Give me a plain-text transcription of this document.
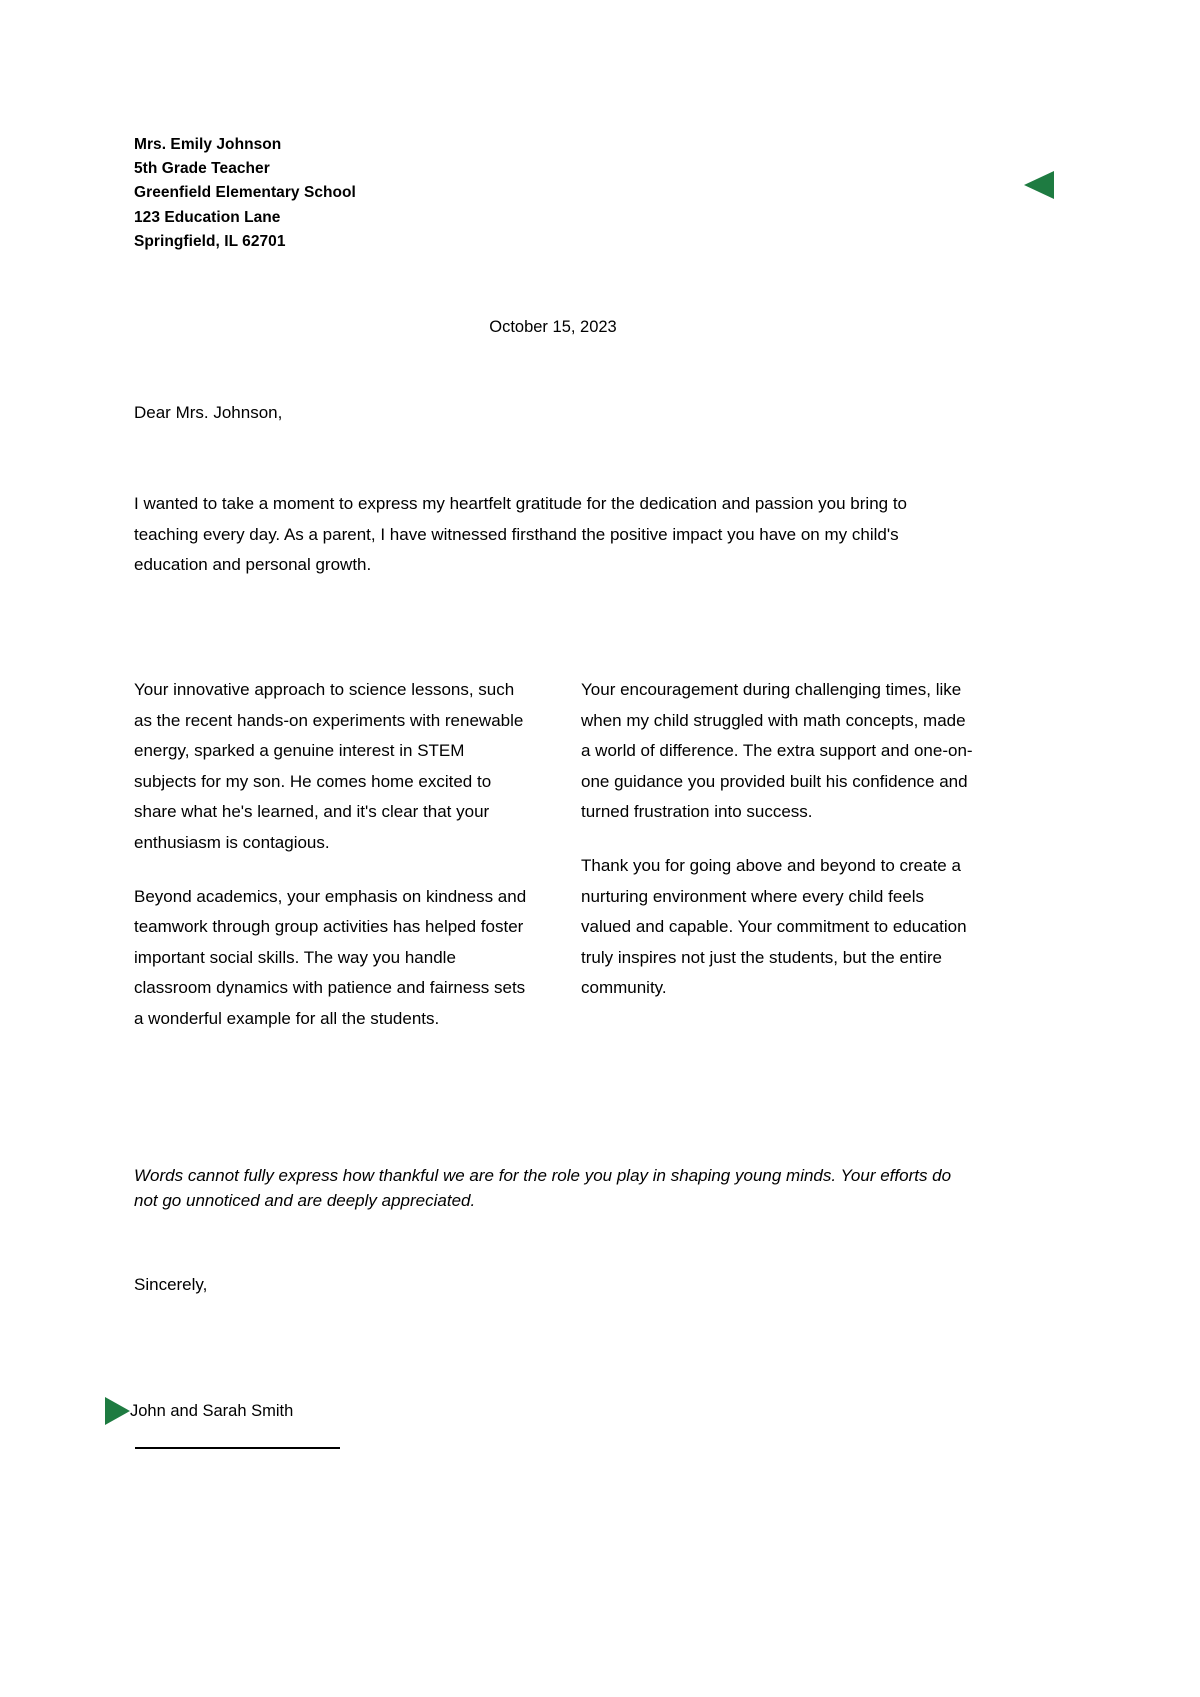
Mrs. Emily Johnson
5th Grade Teacher
Greenfield Elementary School
123 Education Lane
Springfield, IL 62701
October 15, 2023
Dear Mrs. Johnson,
I wanted to take a moment to express my heartfelt gratitude for the dedication and passion you bring to teaching every day. As a parent, I have witnessed firsthand the positive impact you have on my child's education and personal growth.

Your innovative approach to science lessons, such as the recent hands-on experiments with renewable energy, sparked a genuine interest in STEM subjects for my son. He comes home excited to share what he's learned, and it's clear that your enthusiasm is contagious.

Beyond academics, your emphasis on kindness and teamwork through group activities has helped foster important social skills. The way you handle classroom dynamics with patience and fairness sets a wonderful example for all the students.

Your encouragement during challenging times, like when my child struggled with math concepts, made a world of difference. The extra support and one-on-one guidance you provided built his confidence and turned frustration into success.

Thank you for going above and beyond to create a nurturing environment where every child feels valued and capable. Your commitment to education truly inspires not just the students, but the entire community.

Words cannot fully express how thankful we are for the role you play in shaping young minds. Your efforts do not go unnoticed and are deeply appreciated.
Sincerely,
John and Sarah Smith
